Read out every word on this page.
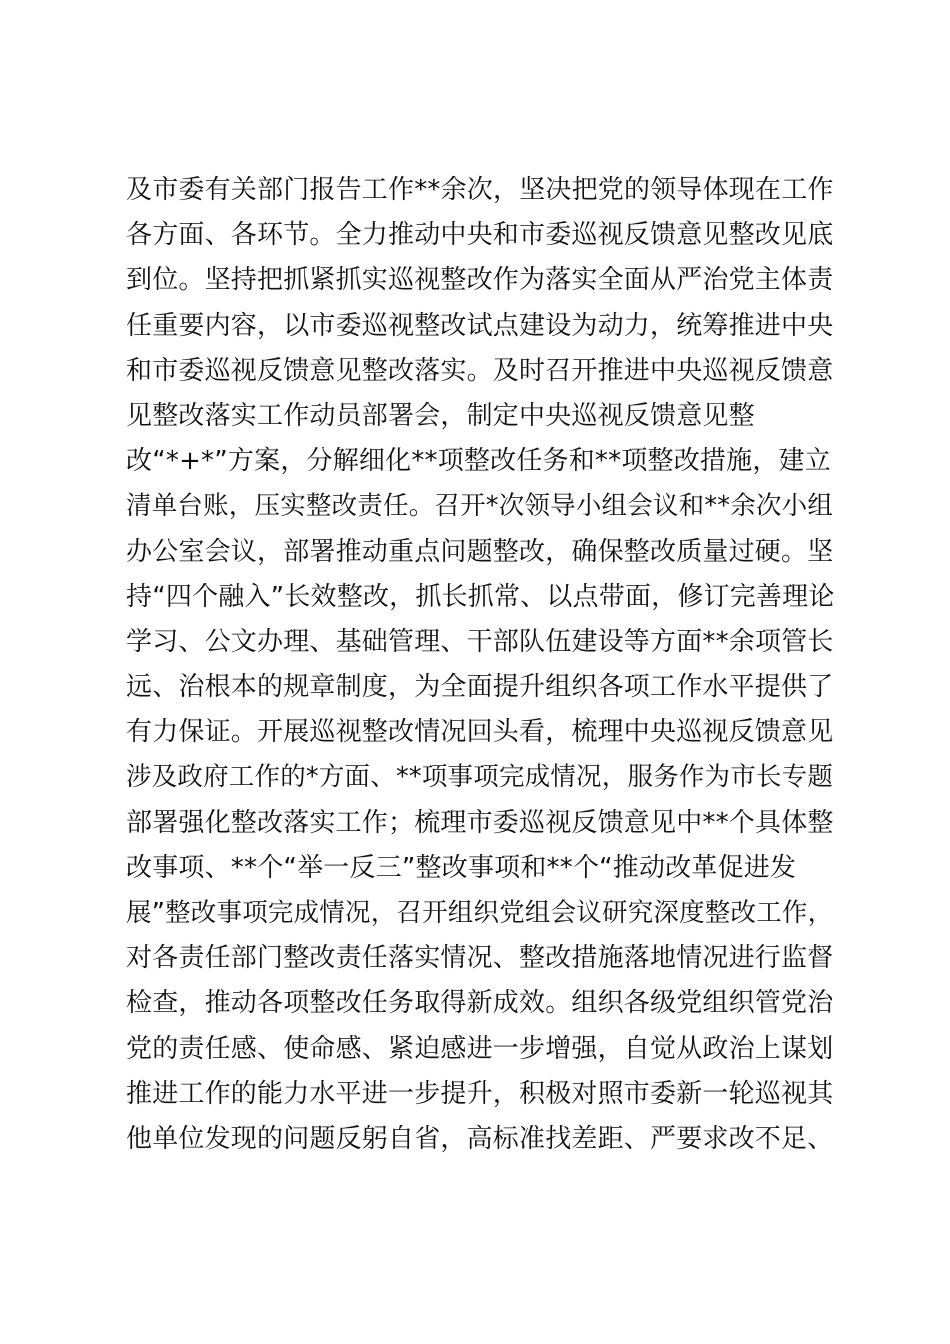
及市委有关部门报告工作**余次，坚决把党的领导体现在工作
各方面、各环节。全力推动中央和市委巡视反馈意见整改见底
到位。坚持把抓紧抓实巡视整改作为落实全面从严治党主体责
任重要内容，以市委巡视整改试点建设为动力，统筹推进中央
和市委巡视反馈意见整改落实。及时召开推进中央巡视反馈意
见整改落实工作动员部署会，制定中央巡视反馈意见整
改“*+*”方案，分解细化**项整改任务和**项整改措施，建立
清单台账，压实整改责任。召开*次领导小组会议和**余次小组
办公室会议，部署推动重点问题整改，确保整改质量过硬。坚
持“四个融入”长效整改，抓长抓常、以点带面，修订完善理论
学习、公文办理、基础管理、干部队伍建设等方面**余项管长
远、治根本的规章制度，为全面提升组织各项工作水平提供了
有力保证。开展巡视整改情况回头看，梳理中央巡视反馈意见
涉及政府工作的*方面、**项事项完成情况，服务作为市长专题
部署强化整改落实工作；梳理市委巡视反馈意见中**个具体整
改事项、**个“举一反三”整改事项和**个“推动改革促进发
展”整改事项完成情况，召开组织党组会议研究深度整改工作，
对各责任部门整改责任落实情况、整改措施落地情况进行监督
检查，推动各项整改任务取得新成效。组织各级党组织管党治
党的责任感、使命感、紧迫感进一步增强，自觉从政治上谋划
推进工作的能力水平进一步提升，积极对照市委新一轮巡视其
他单位发现的问题反躬自省，高标准找差距、严要求改不足、
